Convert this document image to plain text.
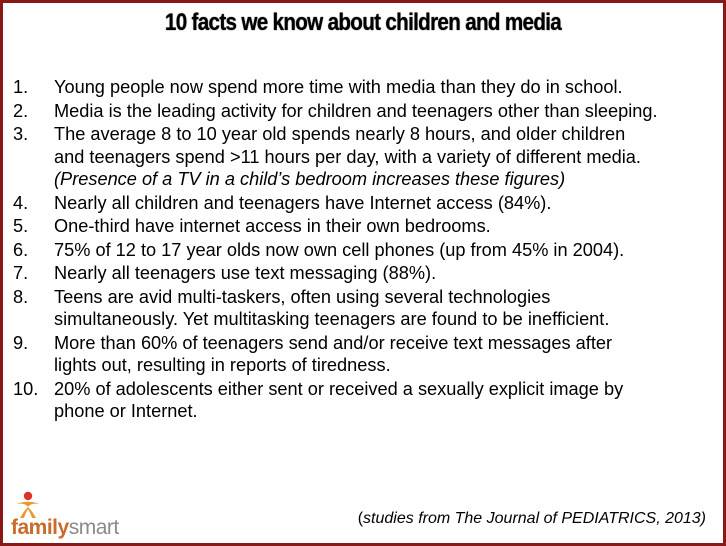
10 facts we know about children and media
1. Young people now spend more time with media than they do in school.
2. Media is the leading activity for children and teenagers other than sleeping.
3. The average 8 to 10 year old spends nearly 8 hours, and older children
and teenagers spend >11 hours per day, with a variety of different media.
(Presence of a TV in a child’s bedroom increases these figures)
4. Nearly all children and teenagers have Internet access (84%).
5. One-third have internet access in their own bedrooms.
6. 75% of 12 to 17 year olds now own cell phones (up from 45% in 2004).
7. Nearly all teenagers use text messaging (88%).
8. Teens are avid multi-taskers, often using several technologies
simultaneously. Yet multitasking teenagers are found to be inefficient.
9. More than 60% of teenagers send and/or receive text messages after
lights out, resulting in reports of tiredness.
10. 20% of adolescents either sent or received a sexually explicit image by
phone or Internet.
familysmart	(studies from The Journal of PEDIATRICS, 2013)
